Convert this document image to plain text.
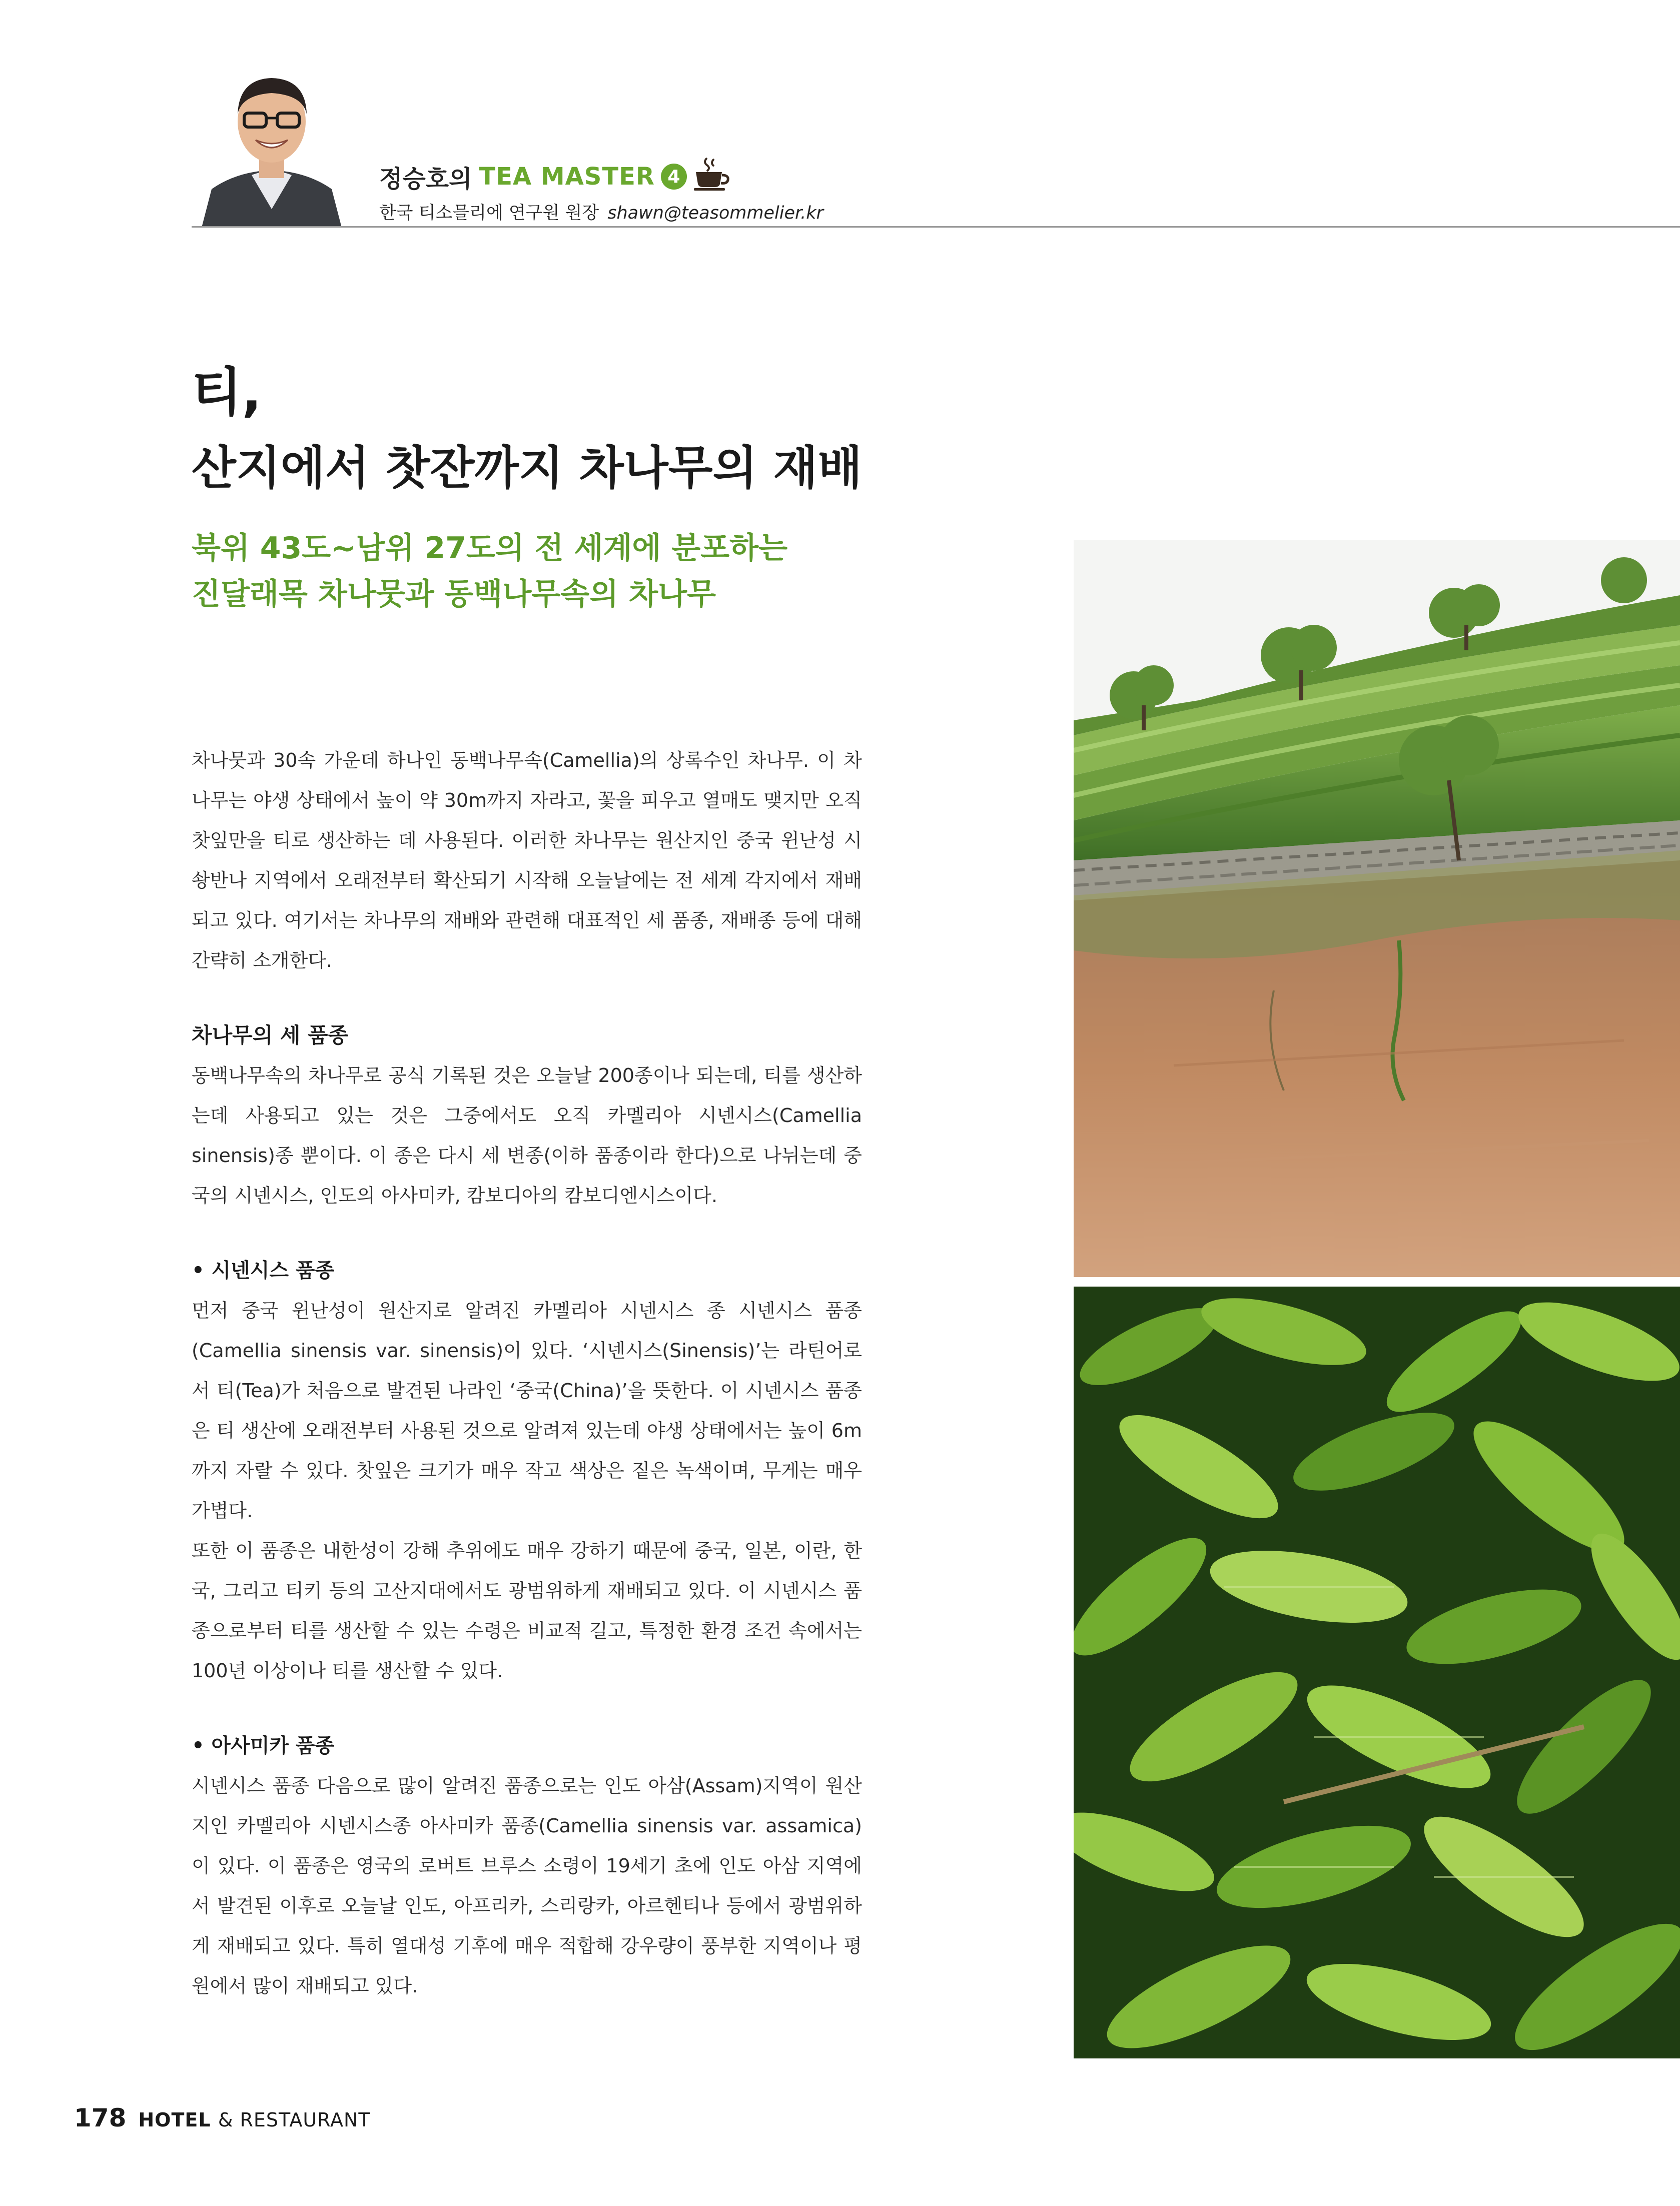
정승호의 TEA MASTER 4
한국 티소믈리에 연구원 원장 shawn@teasommelier.kr
티,
산지에서 찻잔까지 차나무의 재배
북위 43도~남위 27도의 전 세계에 분포하는
진달래목 차나뭇과 동백나무속의 차나무

차나뭇과 30속 가운데 하나인 동백나무속(Camellia)의 상록수인 차나무. 이 차나무는 야생 상태에서 높이 약 30m까지 자라고, 꽃을 피우고 열매도 맺지만 오직 찻잎만을 티로 생산하는 데 사용된다. 이러한 차나무는 원산지인 중국 윈난성 시솽반나 지역에서 오래전부터 확산되기 시작해 오늘날에는 전 세계 각지에서 재배되고 있다. 여기서는 차나무의 재배와 관련해 대표적인 세 품종, 재배종 등에 대해 간략히 소개한다.

차나무의 세 품종

동백나무속의 차나무로 공식 기록된 것은 오늘날 200종이나 되는데, 티를 생산하는데 사용되고 있는 것은 그중에서도 오직 카멜리아 시넨시스(Camellia sinensis)종 뿐이다. 이 종은 다시 세 변종(이하 품종이라 한다)으로 나뉘는데 중국의 시넨시스, 인도의 아사미카, 캄보디아의 캄보디엔시스이다.

• 시넨시스 품종

먼저 중국 윈난성이 원산지로 알려진 카멜리아 시넨시스 종 시넨시스 품종(Camellia sinensis var. sinensis)이 있다. ‘시넨시스(Sinensis)’는 라틴어로서 티(Tea)가 처음으로 발견된 나라인 ‘중국(China)’을 뜻한다. 이 시넨시스 품종은 티 생산에 오래전부터 사용된 것으로 알려져 있는데 야생 상태에서는 높이 6m까지 자랄 수 있다. 찻잎은 크기가 매우 작고 색상은 짙은 녹색이며, 무게는 매우 가볍다.

또한 이 품종은 내한성이 강해 추위에도 매우 강하기 때문에 중국, 일본, 이란, 한국, 그리고 티키 등의 고산지대에서도 광범위하게 재배되고 있다. 이 시넨시스 품종으로부터 티를 생산할 수 있는 수령은 비교적 길고, 특정한 환경 조건 속에서는 100년 이상이나 티를 생산할 수 있다.

• 아사미카 품종

시넨시스 품종 다음으로 많이 알려진 품종으로는 인도 아삼(Assam)지역이 원산지인 카멜리아 시넨시스종 아사미카 품종(Camellia sinensis var. assamica)이 있다. 이 품종은 영국의 로버트 브루스 소령이 19세기 초에 인도 아삼 지역에서 발견된 이후로 오늘날 인도, 아프리카, 스리랑카, 아르헨티나 등에서 광범위하게 재배되고 있다. 특히 열대성 기후에 매우 적합해 강우량이 풍부한 지역이나 평원에서 많이 재배되고 있다.

178 HOTEL & RESTAURANT
